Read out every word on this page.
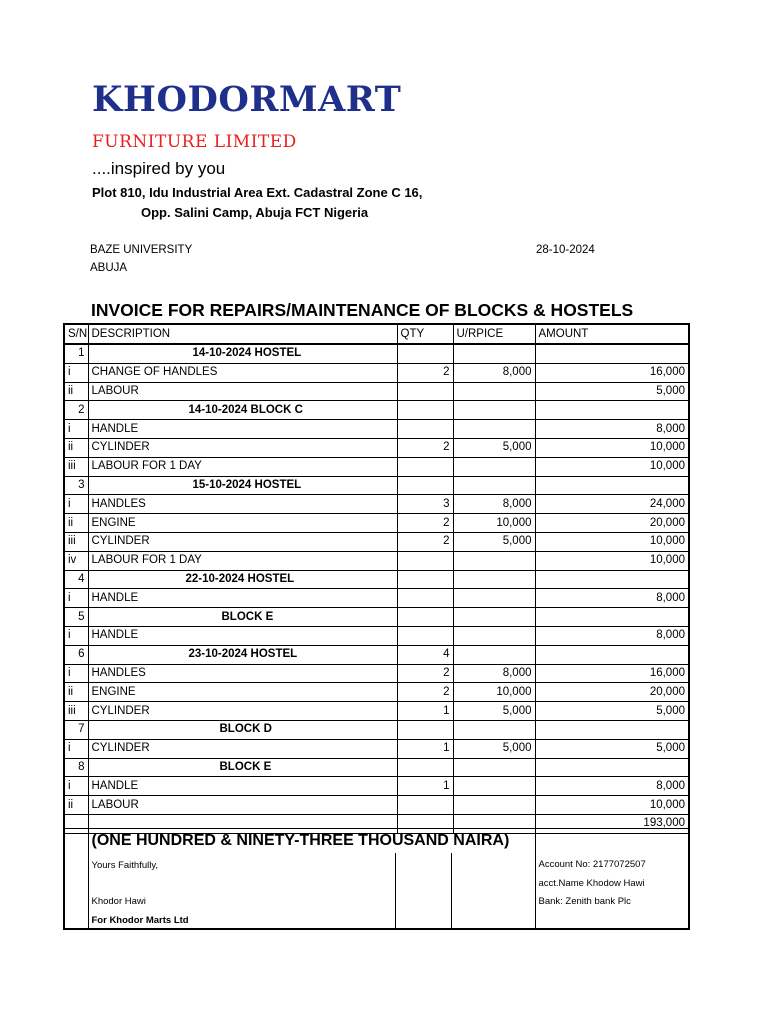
KHODORMART
FURNITURE LIMITED
....inspired by you
Plot 810, Idu Industrial Area Ext. Cadastral Zone C 16,
Opp. Salini Camp, Abuja FCT Nigeria
BAZE UNIVERSITY
ABUJA
28-10-2024
INVOICE FOR REPAIRS/MAINTENANCE OF BLOCKS & HOSTELS
S/N	DESCRIPTION	QTY	U/RPICE	AMOUNT
1	14-10-2024 HOSTEL			
i	CHANGE OF HANDLES	2	8,000	16,000
ii	LABOUR			5,000
2	14-10-2024 BLOCK C			
i	HANDLE			8,000
ii	CYLINDER	2	5,000	10,000
iii	LABOUR FOR 1 DAY			10,000
3	15-10-2024 HOSTEL			
i	HANDLES	3	8,000	24,000
ii	ENGINE	2	10,000	20,000
iii	CYLINDER	2	5,000	10,000
iv	LABOUR FOR 1 DAY			10,000
4	22-10-2024 HOSTEL			
i	HANDLE			8,000
5	BLOCK E			
i	HANDLE			8,000
6	23-10-2024 HOSTEL	4		
i	HANDLES	2	8,000	16,000
ii	ENGINE	2	10,000	20,000
iii	CYLINDER	1	5,000	5,000
7	BLOCK D			
i	CYLINDER	1	5,000	5,000
8	BLOCK E			
i	HANDLE	1		8,000
ii	LABOUR			10,000
				193,000

(ONE HUNDRED & NINETY-THREE THOUSAND NAIRA)
Yours Faithfully,
Khodor Hawi
For Khodor Marts Ltd

Account No: 2177072507
acct.Name Khodow Hawi
Bank: Zenith bank Plc
